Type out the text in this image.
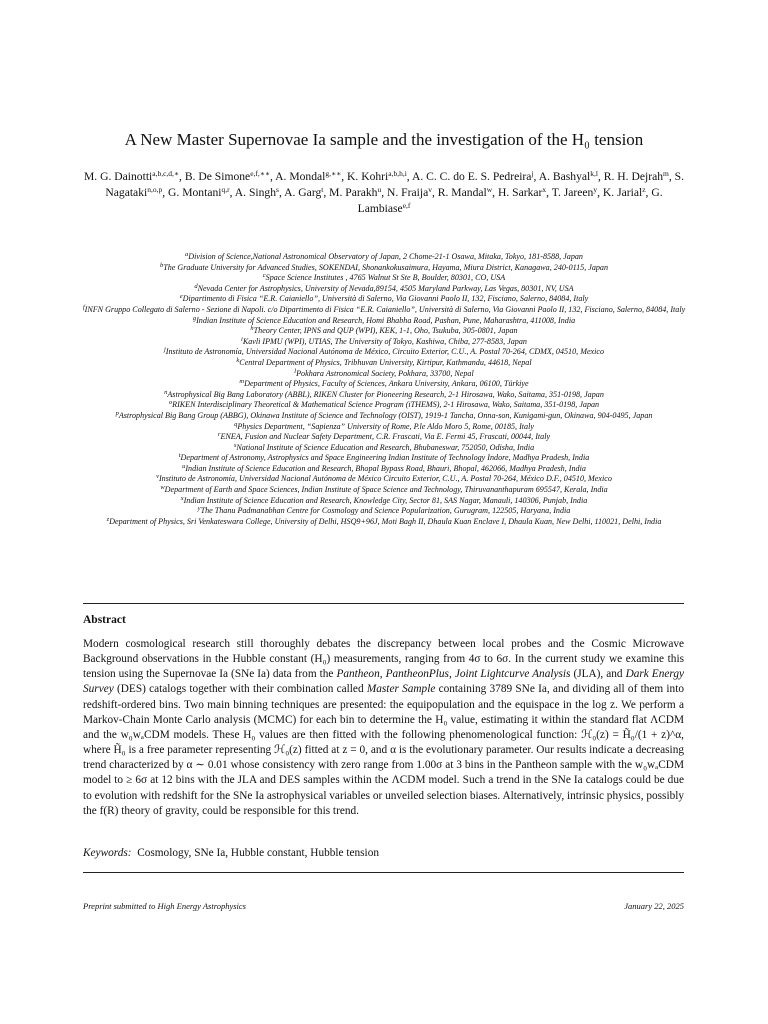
A New Master Supernovae Ia sample and the investigation of the H₀ tension
M. G. Dainotti$^{a,b,c,d,∗}$, B. De Simone$^{e,f,∗∗}$, A. Mondal$^{g,∗∗}$, K. Kohri$^{a,b,h,i}$, A. C. C. do E. S. Pedreira$^j$, A. Bashyal$^{k,l}$, R. H. Dejrah$^m$, S. Nagataki$^{n,o,p}$, G. Montani$^{q,r}$, A. Singh$^s$, A. Garg$^t$, M. Parakh$^u$, N. Fraija$^v$, R. Mandal$^w$, H. Sarkar$^x$, T. Jareen$^y$, K. Jarial$^z$, G. Lambiase$^{e,f}$
$^a$Division of Science,National Astronomical Observatory of Japan, 2 Chome-21-1 Osawa, Mitaka, Tokyo, 181-8588, Japan
$^b$The Graduate University for Advanced Studies, SOKENDAI, Shonankokusaimura, Hayama, Miura District, Kanagawa, 240-0115, Japan
$^c$Space Science Institutes , 4765 Walnut St Ste B, Boulder, 80301, CO, USA
$^d$Nevada Center for Astrophysics, University of Nevada,89154, 4505 Maryland Parkway, Las Vegas, 80301, NV, USA
$^e$Dipartimento di Fisica “E.R. Caianiello”, Università di Salerno, Via Giovanni Paolo II, 132, Fisciano, Salerno, 84084, Italy
$^f$INFN Gruppo Collegato di Salerno - Sezione di Napoli. c/o Dipartimento di Fisica “E.R. Caianiello”, Università di Salerno, Via Giovanni Paolo II, 132, Fisciano, Salerno, 84084, Italy
$^g$Indian Institute of Science Education and Research, Homi Bhabha Road, Pashan, Pune, Maharashtra, 411008, India
$^h$Theory Center, IPNS and QUP (WPI), KEK, 1-1, Oho, Tsukuba, 305-0801, Japan
$^i$Kavli IPMU (WPI), UTIAS, The University of Tokyo, Kashiwa, Chiba, 277-8583, Japan
$^j$Instituto de Astronomía, Universidad Nacional Autónoma de México, Circuito Exterior, C.U., A. Postal 70-264, CDMX, 04510, Mexico
$^k$Central Department of Physics, Tribhuvan University, Kirtipur, Kathmandu, 44618, Nepal
$^l$Pokhara Astronomical Society, Pokhara, 33700, Nepal
$^m$Department of Physics, Faculty of Sciences, Ankara University, Ankara, 06100, Türkiye
$^n$Astrophysical Big Bang Laboratory (ABBL), RIKEN Cluster for Pioneering Research, 2-1 Hirosawa, Wako, Saitama, 351-0198, Japan
$^o$RIKEN Interdisciplinary Theoretical & Mathematical Science Program (iTHEMS), 2-1 Hirosawa, Wako, Saitama, 351-0198, Japan
$^p$Astrophysical Big Bang Group (ABBG), Okinawa Institute of Science and Technology (OIST), 1919-1 Tancha, Onna-son, Kunigami-gun, Okinawa, 904-0495, Japan
$^q$Physics Department, “Sapienza” University of Rome, P.le Aldo Moro 5, Rome, 00185, Italy
$^r$ENEA, Fusion and Nuclear Safety Department, C.R. Frascati, Via E. Fermi 45, Frascati, 00044, Italy
$^s$National Institute of Science Education and Research, Bhubaneswar, 752050, Odisha, India
$^t$Department of Astronomy, Astrophysics and Space Engineering Indian Institute of Technology Indore, Madhya Pradesh, India
$^u$Indian Institute of Science Education and Research, Bhopal Bypass Road, Bhauri, Bhopal, 462066, Madhya Pradesh, India
$^v$Instituto de Astronomía, Universidad Nacional Autónoma de México Circuito Exterior, C.U., A. Postal 70-264, México D.F., 04510, Mexico
$^w$Department of Earth and Space Sciences, Indian Institute of Space Science and Technology, Thiruvananthapuram 695547, Kerala, India
$^x$Indian Institute of Science Education and Research, Knowledge City, Sector 81, SAS Nagar, Manauli, 140306, Punjab, India
$^y$The Thanu Padmanabhan Centre for Cosmology and Science Popularization, Gurugram, 122505, Haryana, India
$^z$Department of Physics, Sri Venkateswara College, University of Delhi, HSQ9+96J, Moti Bagh II, Dhaula Kuan Enclave I, Dhaula Kuan, New Delhi, 110021, Delhi, India
Abstract
Modern cosmological research still thoroughly debates the discrepancy between local probes and the Cosmic Microwave Background observations in the Hubble constant (H₀) measurements, ranging from 4σ to 6σ. In the current study we examine this tension using the Supernovae Ia (SNe Ia) data from the Pantheon, PantheonPlus, Joint Lightcurve Analysis (JLA), and Dark Energy Survey (DES) catalogs together with their combination called Master Sample containing 3789 SNe Ia, and dividing all of them into redshift-ordered bins. Two main binning techniques are presented: the equipopulation and the equispace in the log z. We perform a Markov-Chain Monte Carlo analysis (MCMC) for each bin to determine the H₀ value, estimating it within the standard flat ΛCDM and the w₀wₐCDM models. These H₀ values are then fitted with the following phenomenological function: ℋ₀(z) = H̃₀/(1 + z)^α, where H̃₀ is a free parameter representing ℋ₀(z) fitted at z = 0, and α is the evolutionary parameter. Our results indicate a decreasing trend characterized by α ∼ 0.01 whose consistency with zero range from 1.00σ at 3 bins in the Pantheon sample with the w₀wₐCDM model to ≥ 6σ at 12 bins with the JLA and DES samples within the ΛCDM model. Such a trend in the SNe Ia catalogs could be due to evolution with redshift for the SNe Ia astrophysical variables or unveiled selection biases. Alternatively, intrinsic physics, possibly the f(R) theory of gravity, could be responsible for this trend.
Keywords: Cosmology, SNe Ia, Hubble constant, Hubble tension
Preprint submitted to High Energy Astrophysics	January 22, 2025
